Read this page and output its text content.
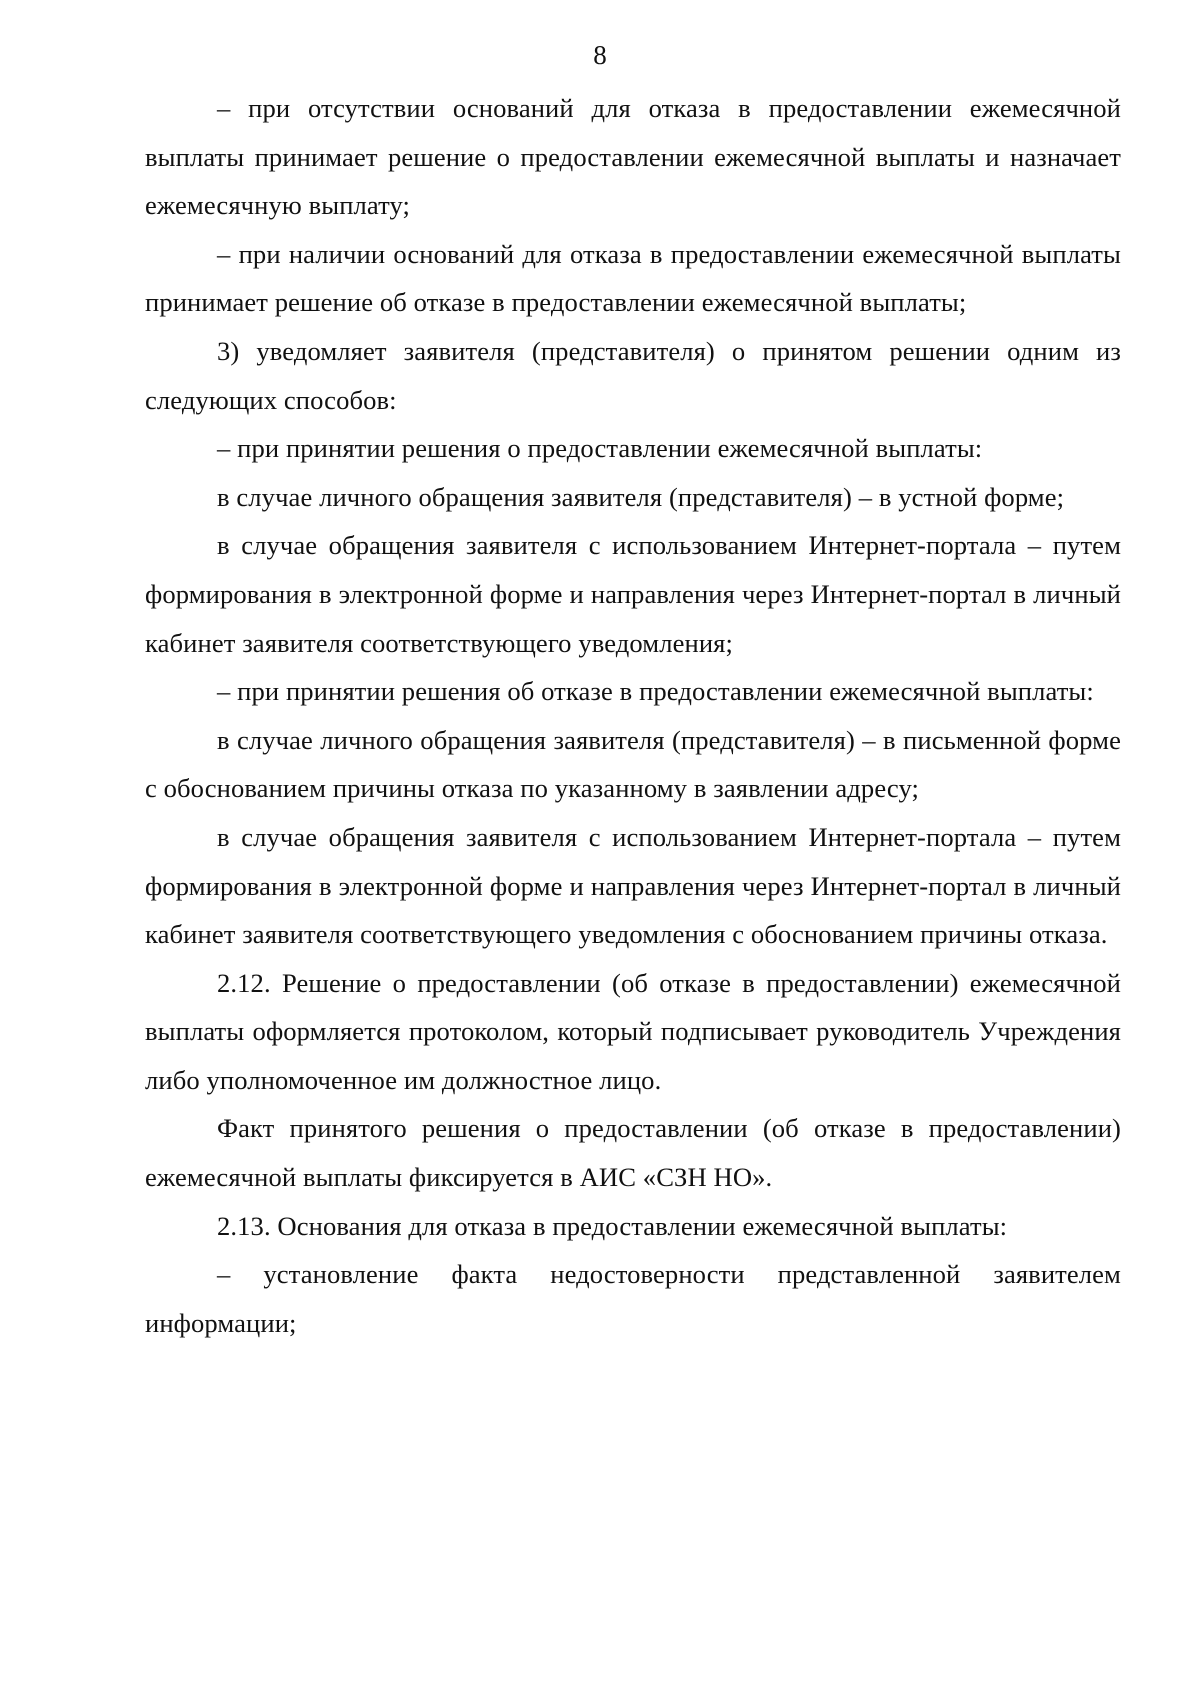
8

– при отсутствии оснований для отказа в предоставлении ежемесячной выплаты принимает решение о предоставлении ежемесячной выплаты и назначает ежемесячную выплату;

– при наличии оснований для отказа в предоставлении ежемесячной выплаты принимает решение об отказе в предоставлении ежемесячной выплаты;

3) уведомляет заявителя (представителя) о принятом решении одним из следующих способов:

– при принятии решения о предоставлении ежемесячной выплаты:

в случае личного обращения заявителя (представителя) – в устной форме;

в случае обращения заявителя с использованием Интернет-портала – путем формирования в электронной форме и направления через Интернет-портал в личный кабинет заявителя соответствующего уведомления;

– при принятии решения об отказе в предоставлении ежемесячной выплаты:

в случае личного обращения заявителя (представителя) – в письменной форме с обоснованием причины отказа по указанному в заявлении адресу;

в случае обращения заявителя с использованием Интернет-портала – путем формирования в электронной форме и направления через Интернет-портал в личный кабинет заявителя соответствующего уведомления с обоснованием причины отказа.

2.12. Решение о предоставлении (об отказе в предоставлении) ежемесячной выплаты оформляется протоколом, который подписывает руководитель Учреждения либо уполномоченное им должностное лицо.

Факт принятого решения о предоставлении (об отказе в предоставлении) ежемесячной выплаты фиксируется в АИС «СЗН НО».

2.13. Основания для отказа в предоставлении ежемесячной выплаты:

– установление факта недостоверности представленной заявителем информации;
